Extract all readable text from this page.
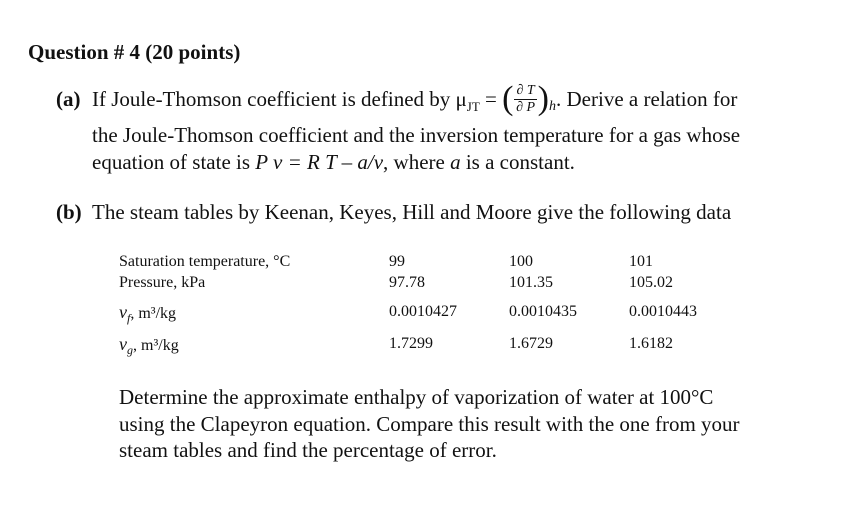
Question # 4 (20 points)
(a) If Joule-Thomson coefficient is defined by $\mu_{JT}$ = ( $\frac{\partial T}{\partial P}$ ) h . Derive a relation for
the Joule-Thomson coefficient and the inversion temperature for a gas whose
equation of state is P v = R T – a/v, where a is a constant.
(b) The steam tables by Keenan, Keyes, Hill and Moore give the following data
Saturation temperature, °C	99	100	101
Pressure, kPa	97.78	101.35	105.02
$v_f$, m³/kg	0.0010427	0.0010435	0.0010443
$v_g$, m³/kg	1.7299	1.6729	1.6182
Determine the approximate enthalpy of vaporization of water at 100°C
using the Clapeyron equation. Compare this result with the one from your
steam tables and find the percentage of error.
